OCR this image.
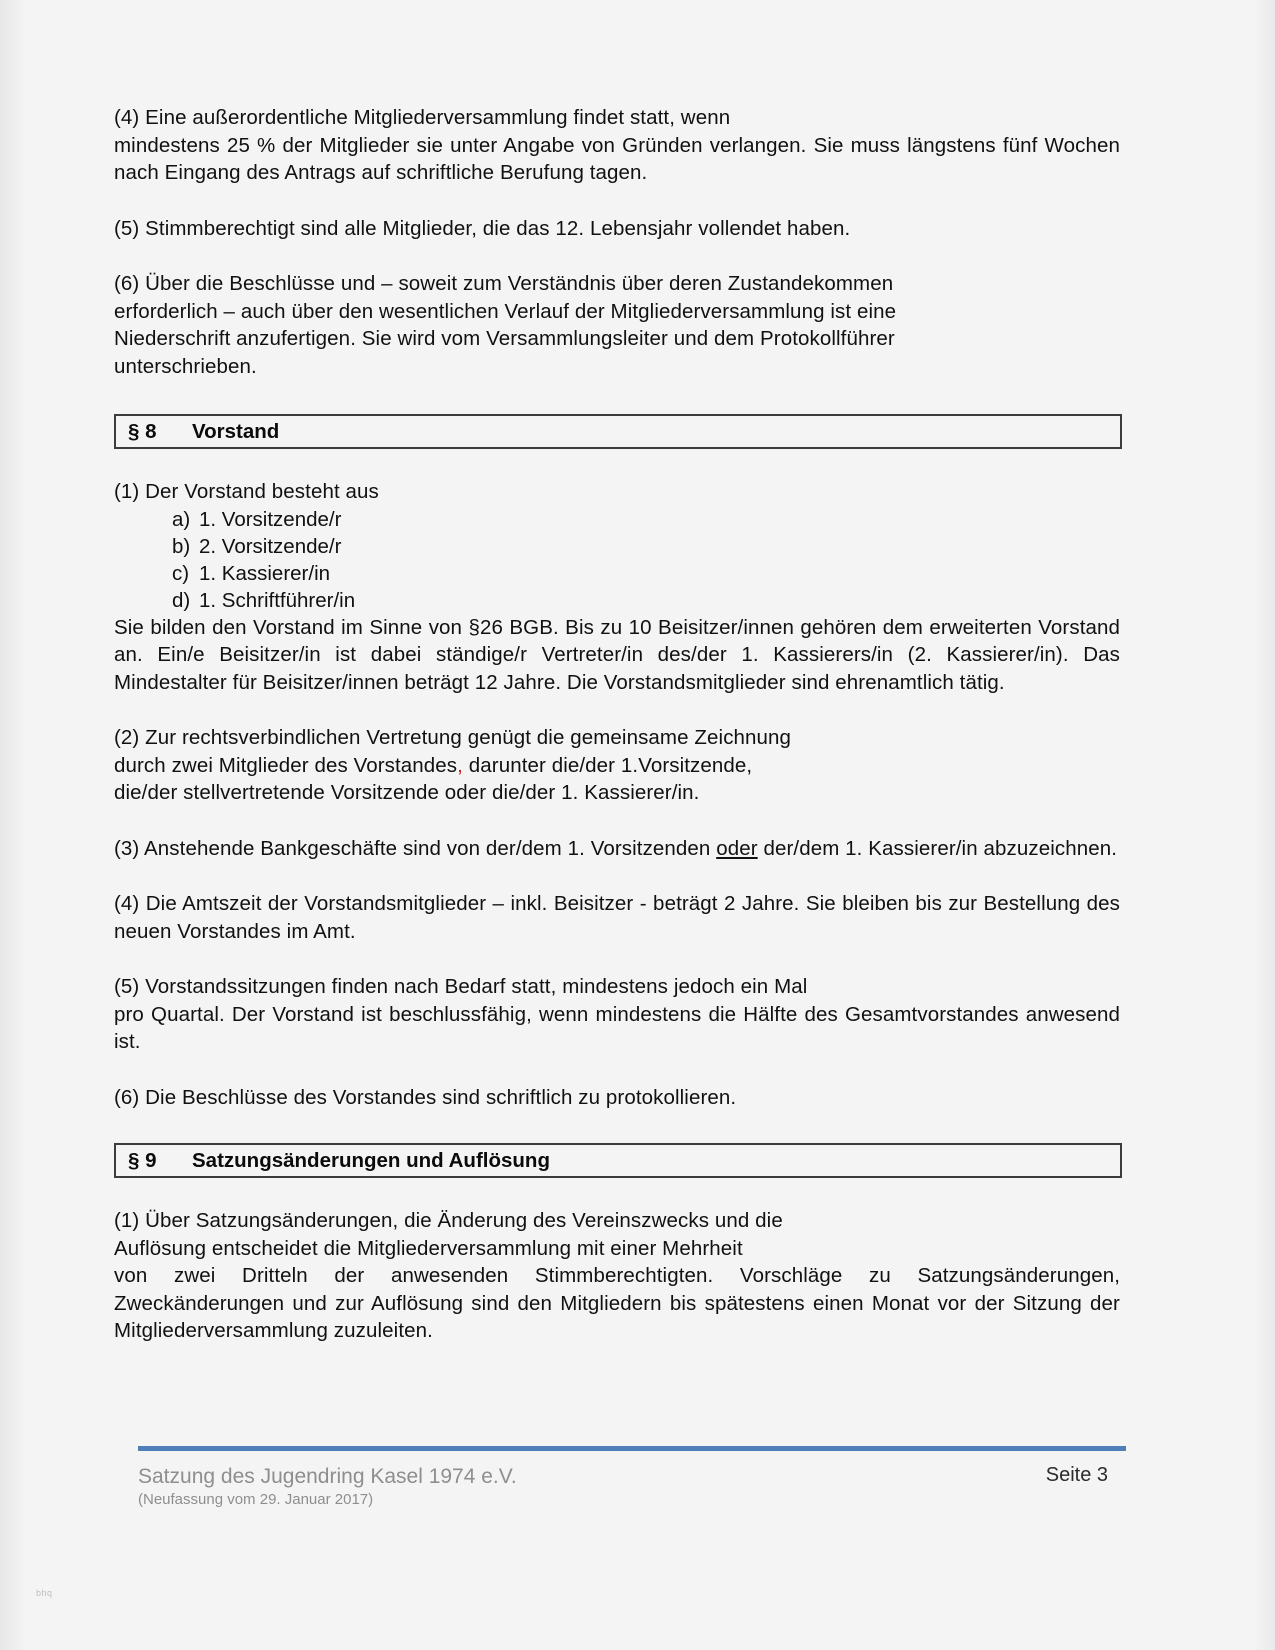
(4) Eine außerordentliche Mitgliederversammlung findet statt, wenn

mindestens 25 % der Mitglieder sie unter Angabe von Gründen verlangen. Sie muss längstens fünf Wochen nach Eingang des Antrags auf schriftliche Berufung tagen.

(5) Stimmberechtigt sind alle Mitglieder, die das 12. Lebensjahr vollendet haben.

(6) Über die Beschlüsse und – soweit zum Verständnis über deren Zustandekommen erforderlich – auch über den wesentlichen Verlauf der Mitgliederversammlung ist eine Niederschrift anzufertigen. Sie wird vom Versammlungsleiter und dem Protokollführer unterschrieben.

§ 8	Vorstand

(1) Der Vorstand besteht aus

a) 1. Vorsitzende/r
b) 2. Vorsitzende/r
c) 1. Kassierer/in
d) 1. Schriftführer/in

Sie bilden den Vorstand im Sinne von §26 BGB. Bis zu 10 Beisitzer/innen gehören dem erweiterten Vorstand an. Ein/e Beisitzer/in ist dabei ständige/r Vertreter/in des/der 1. Kassierers/in (2. Kassierer/in). Das Mindestalter für Beisitzer/innen beträgt 12 Jahre. Die Vorstandsmitglieder sind ehrenamtlich tätig.

(2) Zur rechtsverbindlichen Vertretung genügt die gemeinsame Zeichnung

durch zwei Mitglieder des Vorstandes, darunter die/der 1.Vorsitzende,

die/der stellvertretende Vorsitzende oder die/der 1. Kassierer/in.

(3) Anstehende Bankgeschäfte sind von der/dem 1. Vorsitzenden oder der/dem 1. Kassierer/in abzuzeichnen.

(4) Die Amtszeit der Vorstandsmitglieder – inkl. Beisitzer - beträgt 2 Jahre. Sie bleiben bis zur Bestellung des neuen Vorstandes im Amt.

(5) Vorstandssitzungen finden nach Bedarf statt, mindestens jedoch ein Mal

pro Quartal. Der Vorstand ist beschlussfähig, wenn mindestens die Hälfte des Gesamtvorstandes anwesend ist.

(6) Die Beschlüsse des Vorstandes sind schriftlich zu protokollieren.

§ 9	Satzungsänderungen und Auflösung

(1) Über Satzungsänderungen, die Änderung des Vereinszwecks und die

Auflösung entscheidet die Mitgliederversammlung mit einer Mehrheit

von zwei Dritteln der anwesenden Stimmberechtigten. Vorschläge zu Satzungsänderungen, Zweckänderungen und zur Auflösung sind den Mitgliedern bis spätestens einen Monat vor der Sitzung der Mitgliederversammlung zuzuleiten.

Satzung des Jugendring Kasel 1974 e.V.
(Neufassung vom 29. Januar 2017)
Seite 3
bhq
